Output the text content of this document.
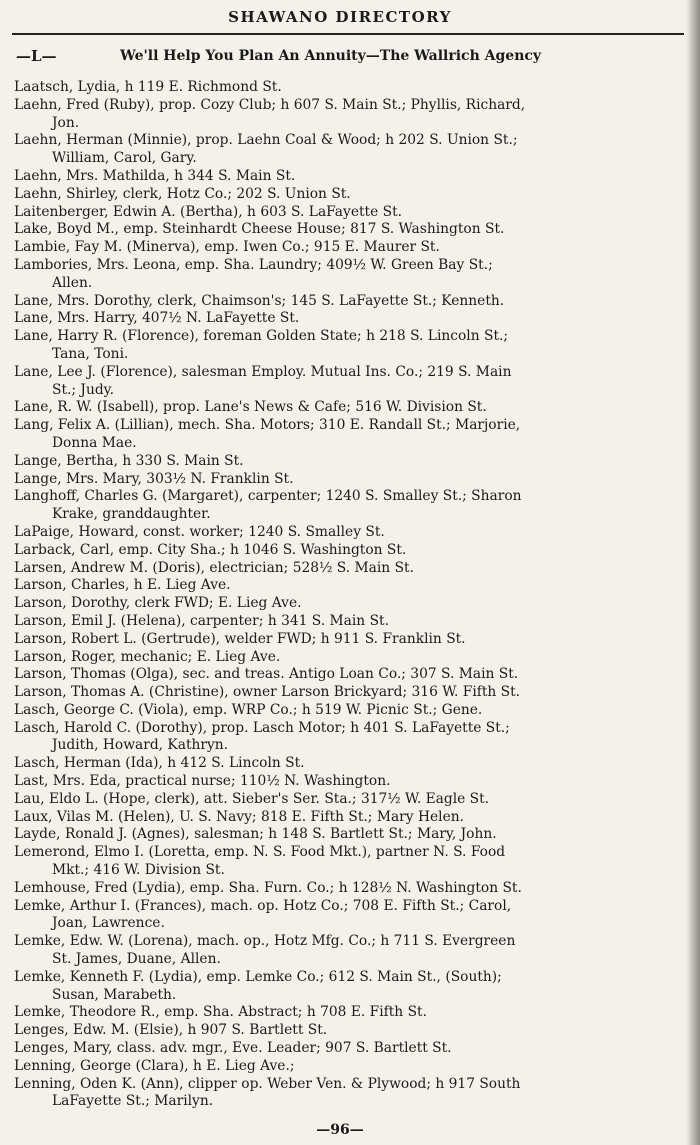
SHAWANO DIRECTORY
—L—	We'll Help You Plan An Annuity—The Wallrich Agency

Laatsch, Lydia, h 119 E. Richmond St.

Laehn, Fred (Ruby), prop. Cozy Club; h 607 S. Main St.; Phyllis, Richard,

Jon.

Laehn, Herman (Minnie), prop. Laehn Coal & Wood; h 202 S. Union St.;

William, Carol, Gary.

Laehn, Mrs. Mathilda, h 344 S. Main St.

Laehn, Shirley, clerk, Hotz Co.; 202 S. Union St.

Laitenberger, Edwin A. (Bertha), h 603 S. LaFayette St.

Lake, Boyd M., emp. Steinhardt Cheese House; 817 S. Washington St.

Lambie, Fay M. (Minerva), emp. Iwen Co.; 915 E. Maurer St.

Lambories, Mrs. Leona, emp. Sha. Laundry; 409½ W. Green Bay St.;

Allen.

Lane, Mrs. Dorothy, clerk, Chaimson's; 145 S. LaFayette St.; Kenneth.

Lane, Mrs. Harry, 407½ N. LaFayette St.

Lane, Harry R. (Florence), foreman Golden State; h 218 S. Lincoln St.;

Tana, Toni.

Lane, Lee J. (Florence), salesman Employ. Mutual Ins. Co.; 219 S. Main

St.; Judy.

Lane, R. W. (Isabell), prop. Lane's News & Cafe; 516 W. Division St.

Lang, Felix A. (Lillian), mech. Sha. Motors; 310 E. Randall St.; Marjorie,

Donna Mae.

Lange, Bertha, h 330 S. Main St.

Lange, Mrs. Mary, 303½ N. Franklin St.

Langhoff, Charles G. (Margaret), carpenter; 1240 S. Smalley St.; Sharon

Krake, granddaughter.

LaPaige, Howard, const. worker; 1240 S. Smalley St.

Larback, Carl, emp. City Sha.; h 1046 S. Washington St.

Larsen, Andrew M. (Doris), electrician; 528½ S. Main St.

Larson, Charles, h E. Lieg Ave.

Larson, Dorothy, clerk FWD; E. Lieg Ave.

Larson, Emil J. (Helena), carpenter; h 341 S. Main St.

Larson, Robert L. (Gertrude), welder FWD; h 911 S. Franklin St.

Larson, Roger, mechanic; E. Lieg Ave.

Larson, Thomas (Olga), sec. and treas. Antigo Loan Co.; 307 S. Main St.

Larson, Thomas A. (Christine), owner Larson Brickyard; 316 W. Fifth St.

Lasch, George C. (Viola), emp. WRP Co.; h 519 W. Picnic St.; Gene.

Lasch, Harold C. (Dorothy), prop. Lasch Motor; h 401 S. LaFayette St.;

Judith, Howard, Kathryn.

Lasch, Herman (Ida), h 412 S. Lincoln St.

Last, Mrs. Eda, practical nurse; 110½ N. Washington.

Lau, Eldo L. (Hope, clerk), att. Sieber's Ser. Sta.; 317½ W. Eagle St.

Laux, Vilas M. (Helen), U. S. Navy; 818 E. Fifth St.; Mary Helen.

Layde, Ronald J. (Agnes), salesman; h 148 S. Bartlett St.; Mary, John.

Lemerond, Elmo I. (Loretta, emp. N. S. Food Mkt.), partner N. S. Food

Mkt.; 416 W. Division St.

Lemhouse, Fred (Lydia), emp. Sha. Furn. Co.; h 128½ N. Washington St.

Lemke, Arthur I. (Frances), mach. op. Hotz Co.; 708 E. Fifth St.; Carol,

Joan, Lawrence.

Lemke, Edw. W. (Lorena), mach. op., Hotz Mfg. Co.; h 711 S. Evergreen

St. James, Duane, Allen.

Lemke, Kenneth F. (Lydia), emp. Lemke Co.; 612 S. Main St., (South);

Susan, Marabeth.

Lemke, Theodore R., emp. Sha. Abstract; h 708 E. Fifth St.

Lenges, Edw. M. (Elsie), h 907 S. Bartlett St.

Lenges, Mary, class. adv. mgr., Eve. Leader; 907 S. Bartlett St.

Lenning, George (Clara), h E. Lieg Ave.;

Lenning, Oden K. (Ann), clipper op. Weber Ven. & Plywood; h 917 South

LaFayette St.; Marilyn.

—96—
